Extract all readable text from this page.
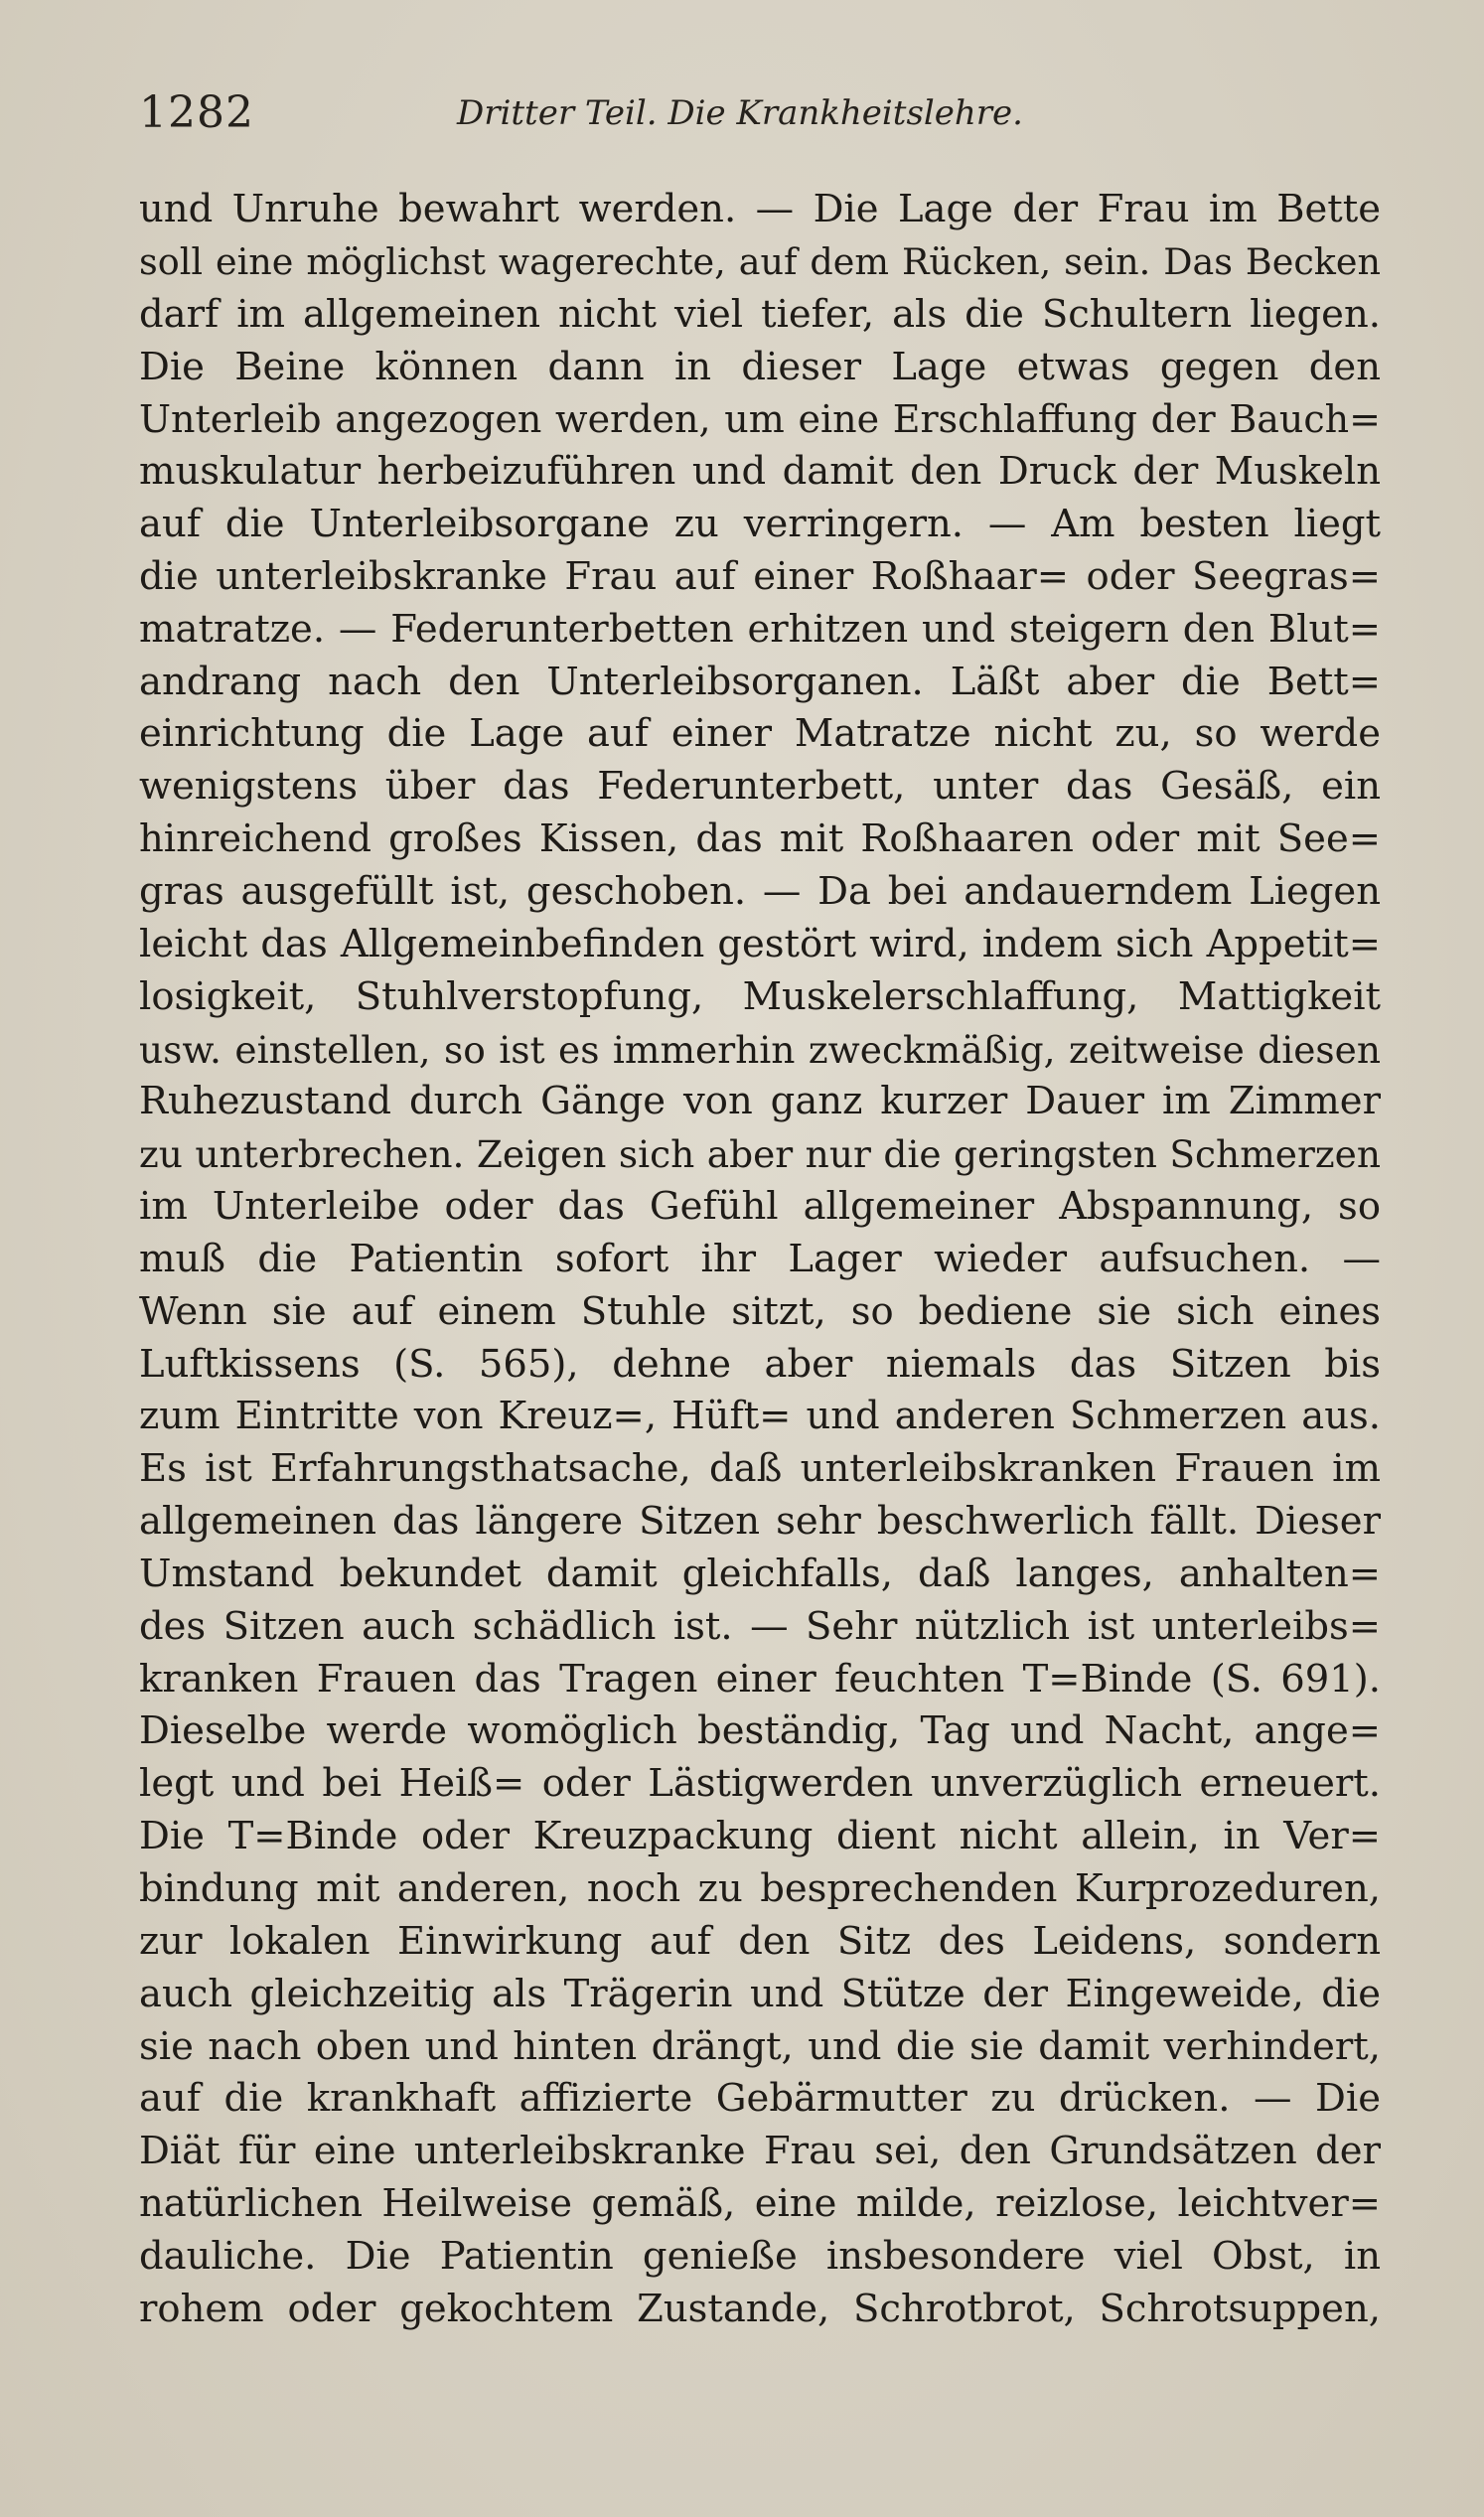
1282	Dritter Teil. Die Krankheitslehre.
und Unruhe bewahrt werden. — Die Lage der Frau im Bette
soll eine möglichst wagerechte, auf dem Rücken, sein. Das Becken
darf im allgemeinen nicht viel tiefer, als die Schultern liegen.
Die Beine können dann in dieser Lage etwas gegen den
Unterleib angezogen werden, um eine Erschlaffung der Bauch=
muskulatur herbeizuführen und damit den Druck der Muskeln
auf die Unterleibsorgane zu verringern. — Am besten liegt
die unterleibskranke Frau auf einer Roßhaar= oder Seegras=
matratze. — Federunterbetten erhitzen und steigern den Blut=
andrang nach den Unterleibsorganen. Läßt aber die Bett=
einrichtung die Lage auf einer Matratze nicht zu, so werde
wenigstens über das Federunterbett, unter das Gesäß, ein
hinreichend großes Kissen, das mit Roßhaaren oder mit See=
gras ausgefüllt ist, geschoben. — Da bei andauerndem Liegen
leicht das Allgemeinbefinden gestört wird, indem sich Appetit=
losigkeit, Stuhlverstopfung, Muskelerschlaffung, Mattigkeit
usw. einstellen, so ist es immerhin zweckmäßig, zeitweise diesen
Ruhezustand durch Gänge von ganz kurzer Dauer im Zimmer
zu unterbrechen. Zeigen sich aber nur die geringsten Schmerzen
im Unterleibe oder das Gefühl allgemeiner Abspannung, so
muß die Patientin sofort ihr Lager wieder aufsuchen. —
Wenn sie auf einem Stuhle sitzt, so bediene sie sich eines
Luftkissens (S. 565), dehne aber niemals das Sitzen bis
zum Eintritte von Kreuz=, Hüft= und anderen Schmerzen aus.
Es ist Erfahrungsthatsache, daß unterleibskranken Frauen im
allgemeinen das längere Sitzen sehr beschwerlich fällt. Dieser
Umstand bekundet damit gleichfalls, daß langes, anhalten=
des Sitzen auch schädlich ist. — Sehr nützlich ist unterleibs=
kranken Frauen das Tragen einer feuchten T=Binde (S. 691).
Dieselbe werde womöglich beständig, Tag und Nacht, ange=
legt und bei Heiß= oder Lästigwerden unverzüglich erneuert.
Die T=Binde oder Kreuzpackung dient nicht allein, in Ver=
bindung mit anderen, noch zu besprechenden Kurprozeduren,
zur lokalen Einwirkung auf den Sitz des Leidens, sondern
auch gleichzeitig als Trägerin und Stütze der Eingeweide, die
sie nach oben und hinten drängt, und die sie damit verhindert,
auf die krankhaft affizierte Gebärmutter zu drücken. — Die
Diät für eine unterleibskranke Frau sei, den Grundsätzen der
natürlichen Heilweise gemäß, eine milde, reizlose, leichtver=
dauliche. Die Patientin genieße insbesondere viel Obst, in
rohem oder gekochtem Zustande, Schrotbrot, Schrotsuppen,
